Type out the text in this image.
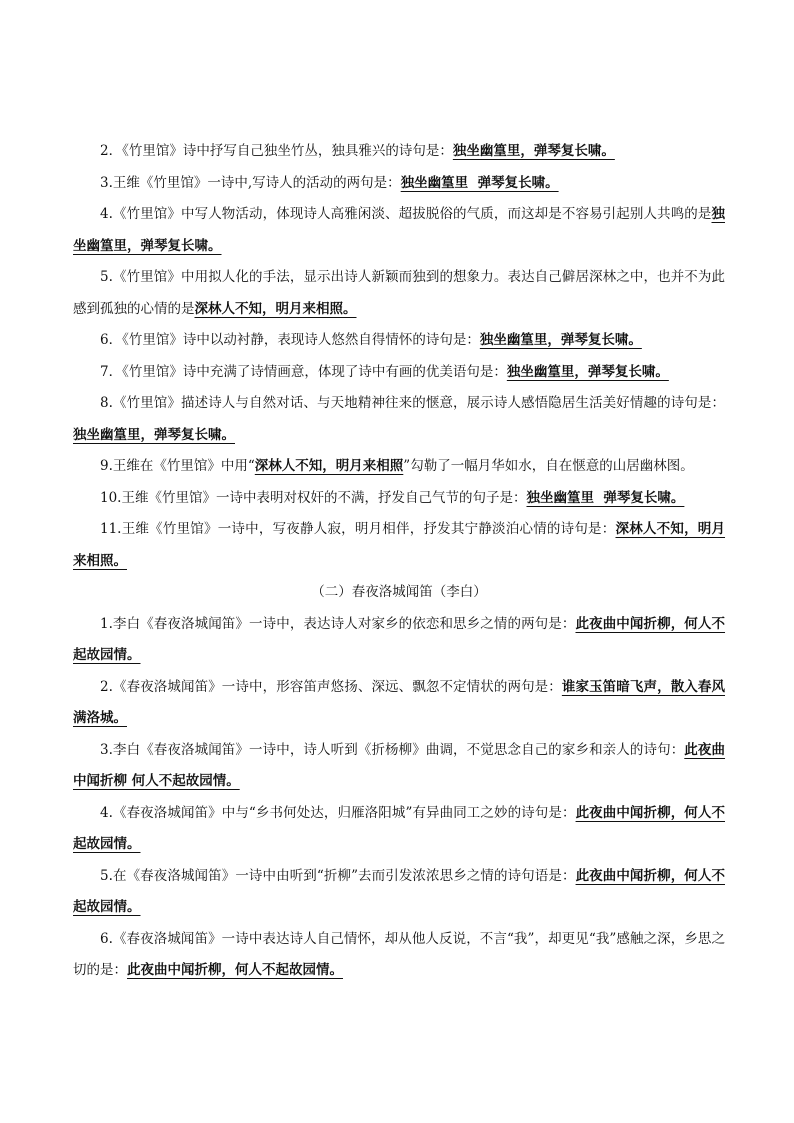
2．《竹里馆》诗中抒写自己独坐竹丛，独具雅兴的诗句是：独坐幽篁里，弹琴复长啸。

3.王维《竹里馆》一诗中,写诗人的活动的两句是：独坐幽篁里  弹琴复长啸。

4.《竹里馆》中写人物活动，体现诗人高雅闲淡、超拔脱俗的气质，而这却是不容易引起别人共鸣的是独坐幽篁里，弹琴复长啸。

5.《竹里馆》中用拟人化的手法，显示出诗人新颖而独到的想象力。表达自己僻居深林之中，也并不为此感到孤独的心情的是深林人不知，明月来相照。

6．《竹里馆》诗中以动衬静，表现诗人悠然自得情怀的诗句是：独坐幽篁里，弹琴复长啸。

7．《竹里馆》诗中充满了诗情画意，体现了诗中有画的优美语句是：独坐幽篁里，弹琴复长啸。

8.《竹里馆》描述诗人与自然对话、与天地精神往来的惬意，展示诗人感悟隐居生活美好情趣的诗句是：独坐幽篁里，弹琴复长啸。

9.王维在《竹里馆》中用“深林人不知，明月来相照”勾勒了一幅月华如水，自在惬意的山居幽林图。

10.王维《竹里馆》一诗中表明对权奸的不满，抒发自己气节的句子是：独坐幽篁里  弹琴复长啸。

11.王维《竹里馆》一诗中，写夜静人寂，明月相伴，抒发其宁静淡泊心情的诗句是：深林人不知，明月来相照。

（二）春夜洛城闻笛（李白）

1.李白《春夜洛城闻笛》一诗中，表达诗人对家乡的依恋和思乡之情的两句是：此夜曲中闻折柳，何人不起故园情。

2.《春夜洛城闻笛》一诗中，形容笛声悠扬、深远、飘忽不定情状的两句是：谁家玉笛暗飞声，散入春风满洛城。

3.李白《春夜洛城闻笛》一诗中，诗人听到《折杨柳》曲调，不觉思念自己的家乡和亲人的诗句：此夜曲中闻折柳 何人不起故园情。

4.《春夜洛城闻笛》中与“乡书何处达，归雁洛阳城”有异曲同工之妙的诗句是：此夜曲中闻折柳，何人不起故园情。

5.在《春夜洛城闻笛》一诗中由听到“折柳”去而引发浓浓思乡之情的诗句语是：此夜曲中闻折柳，何人不起故园情。

6.《春夜洛城闻笛》一诗中表达诗人自己情怀，却从他人反说，不言“我”，却更见“我”感触之深，乡思之切的是：此夜曲中闻折柳，何人不起故园情。
